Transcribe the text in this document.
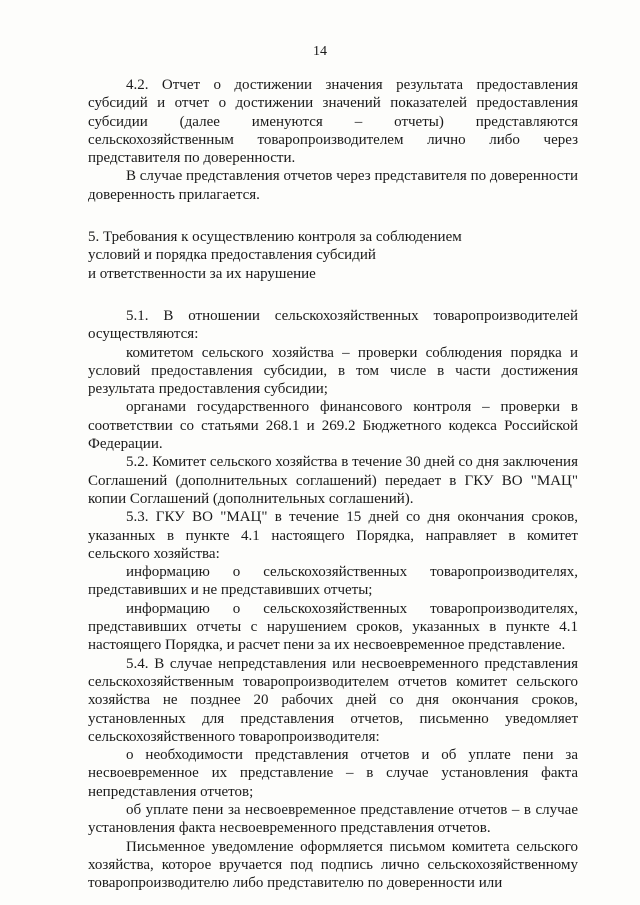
14

4.2. Отчет о достижении значения результата предоставления субсидий и отчет о достижении значений показателей предоставления субсидии (далее именуются – отчеты) представляются сельскохозяйственным товаропроизводителем лично либо через представителя по доверенности.

В случае представления отчетов через представителя по доверенности доверенность прилагается.

5. Требования к осуществлению контроля за соблюдением
условий и порядка предоставления субсидий
и ответственности за их нарушение

5.1. В отношении сельскохозяйственных товаропроизводителей осуществляются:

комитетом сельского хозяйства – проверки соблюдения порядка и условий предоставления субсидии, в том числе в части достижения результата предоставления субсидии;

органами государственного финансового контроля – проверки в соответствии со статьями 268.1 и 269.2 Бюджетного кодекса Российской Федерации.

5.2. Комитет сельского хозяйства в течение 30 дней со дня заключения Соглашений (дополнительных соглашений) передает в ГКУ ВО "МАЦ" копии Соглашений (дополнительных соглашений).

5.3. ГКУ ВО "МАЦ" в течение 15 дней со дня окончания сроков, указанных в пункте 4.1 настоящего Порядка, направляет в комитет сельского хозяйства:

информацию о сельскохозяйственных товаропроизводителях, представивших и не представивших отчеты;

информацию о сельскохозяйственных товаропроизводителях, представивших отчеты с нарушением сроков, указанных в пункте 4.1 настоящего Порядка, и расчет пени за их несвоевременное представление.

5.4. В случае непредставления или несвоевременного представления сельскохозяйственным товаропроизводителем отчетов комитет сельского хозяйства не позднее 20 рабочих дней со дня окончания сроков, установленных для представления отчетов, письменно уведомляет сельскохозяйственного товаропроизводителя:

о необходимости представления отчетов и об уплате пени за несвоевременное их представление – в случае установления факта непредставления отчетов;

об уплате пени за несвоевременное представление отчетов – в случае установления факта несвоевременного представления отчетов.

Письменное уведомление оформляется письмом комитета сельского хозяйства, которое вручается под подпись лично сельскохозяйственному товаропроизводителю либо представителю по доверенности или
